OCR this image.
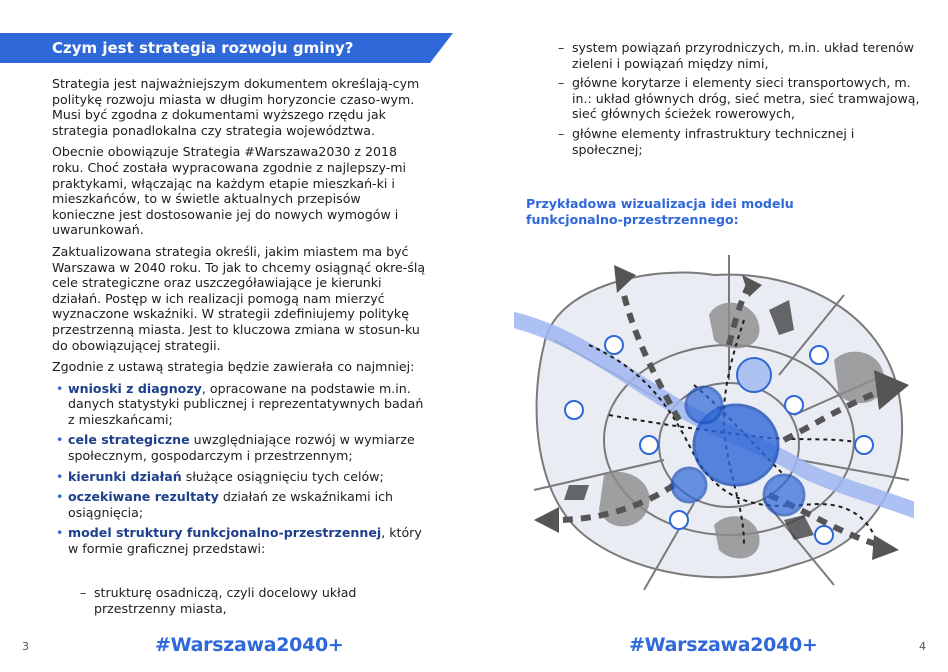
Czym jest strategia rozwoju gminy?

Strategia jest najważniejszym dokumentem określają-cym politykę rozwoju miasta w długim horyzoncie czaso-wym. Musi być zgodna z dokumentami wyższego rzędu jak strategia ponadlokalna czy strategia województwa.

Obecnie obowiązuje Strategia #Warszawa2030 z 2018 roku. Choć została wypracowana zgodnie z najlepszy-mi praktykami, włączając na każdym etapie mieszkań-ki i mieszkańców, to w świetle aktualnych przepisów konieczne jest dostosowanie jej do nowych wymogów i uwarunkowań.

Zaktualizowana strategia określi, jakim miastem ma być Warszawa w 2040 roku. To jak to chcemy osiągnąć okre-ślą cele strategiczne oraz uszczegóławiające je kierunki działań. Postęp w ich realizacji pomogą nam mierzyć wyznaczone wskaźniki. W strategii zdefiniujemy politykę przestrzenną miasta. Jest to kluczowa zmiana w stosun-ku do obowiązującej strategii.

Zgodnie z ustawą strategia będzie zawierała co najmniej:

• wnioski z diagnozy, opracowane na podstawie m.in. danych statystyki publicznej i reprezentatywnych badań z mieszkańcami;
• cele strategiczne uwzględniające rozwój w wymiarze społecznym, gospodarczym i przestrzennym;
• kierunki działań służące osiągnięciu tych celów;
• oczekiwane rezultaty działań ze wskaźnikami ich osiągnięcia;
• model struktury funkcjonalno-przestrzennej, który w formie graficznej przedstawi:
– strukturę osadniczą, czyli docelowy układ przestrzenny miasta,
3	#Warszawa2040+
– system powiązań przyrodniczych, m.in. układ terenów zieleni i powiązań między nimi,
– główne korytarze i elementy sieci transportowych, m. in.: układ głównych dróg, sieć metra, sieć tramwajową, sieć głównych ścieżek rowerowych,
– główne elementy infrastruktury technicznej i społecznej;
Przykładowa wizualizacja idei modelu funkcjonalno-przestrzennego:
4
#Warszawa2040+
